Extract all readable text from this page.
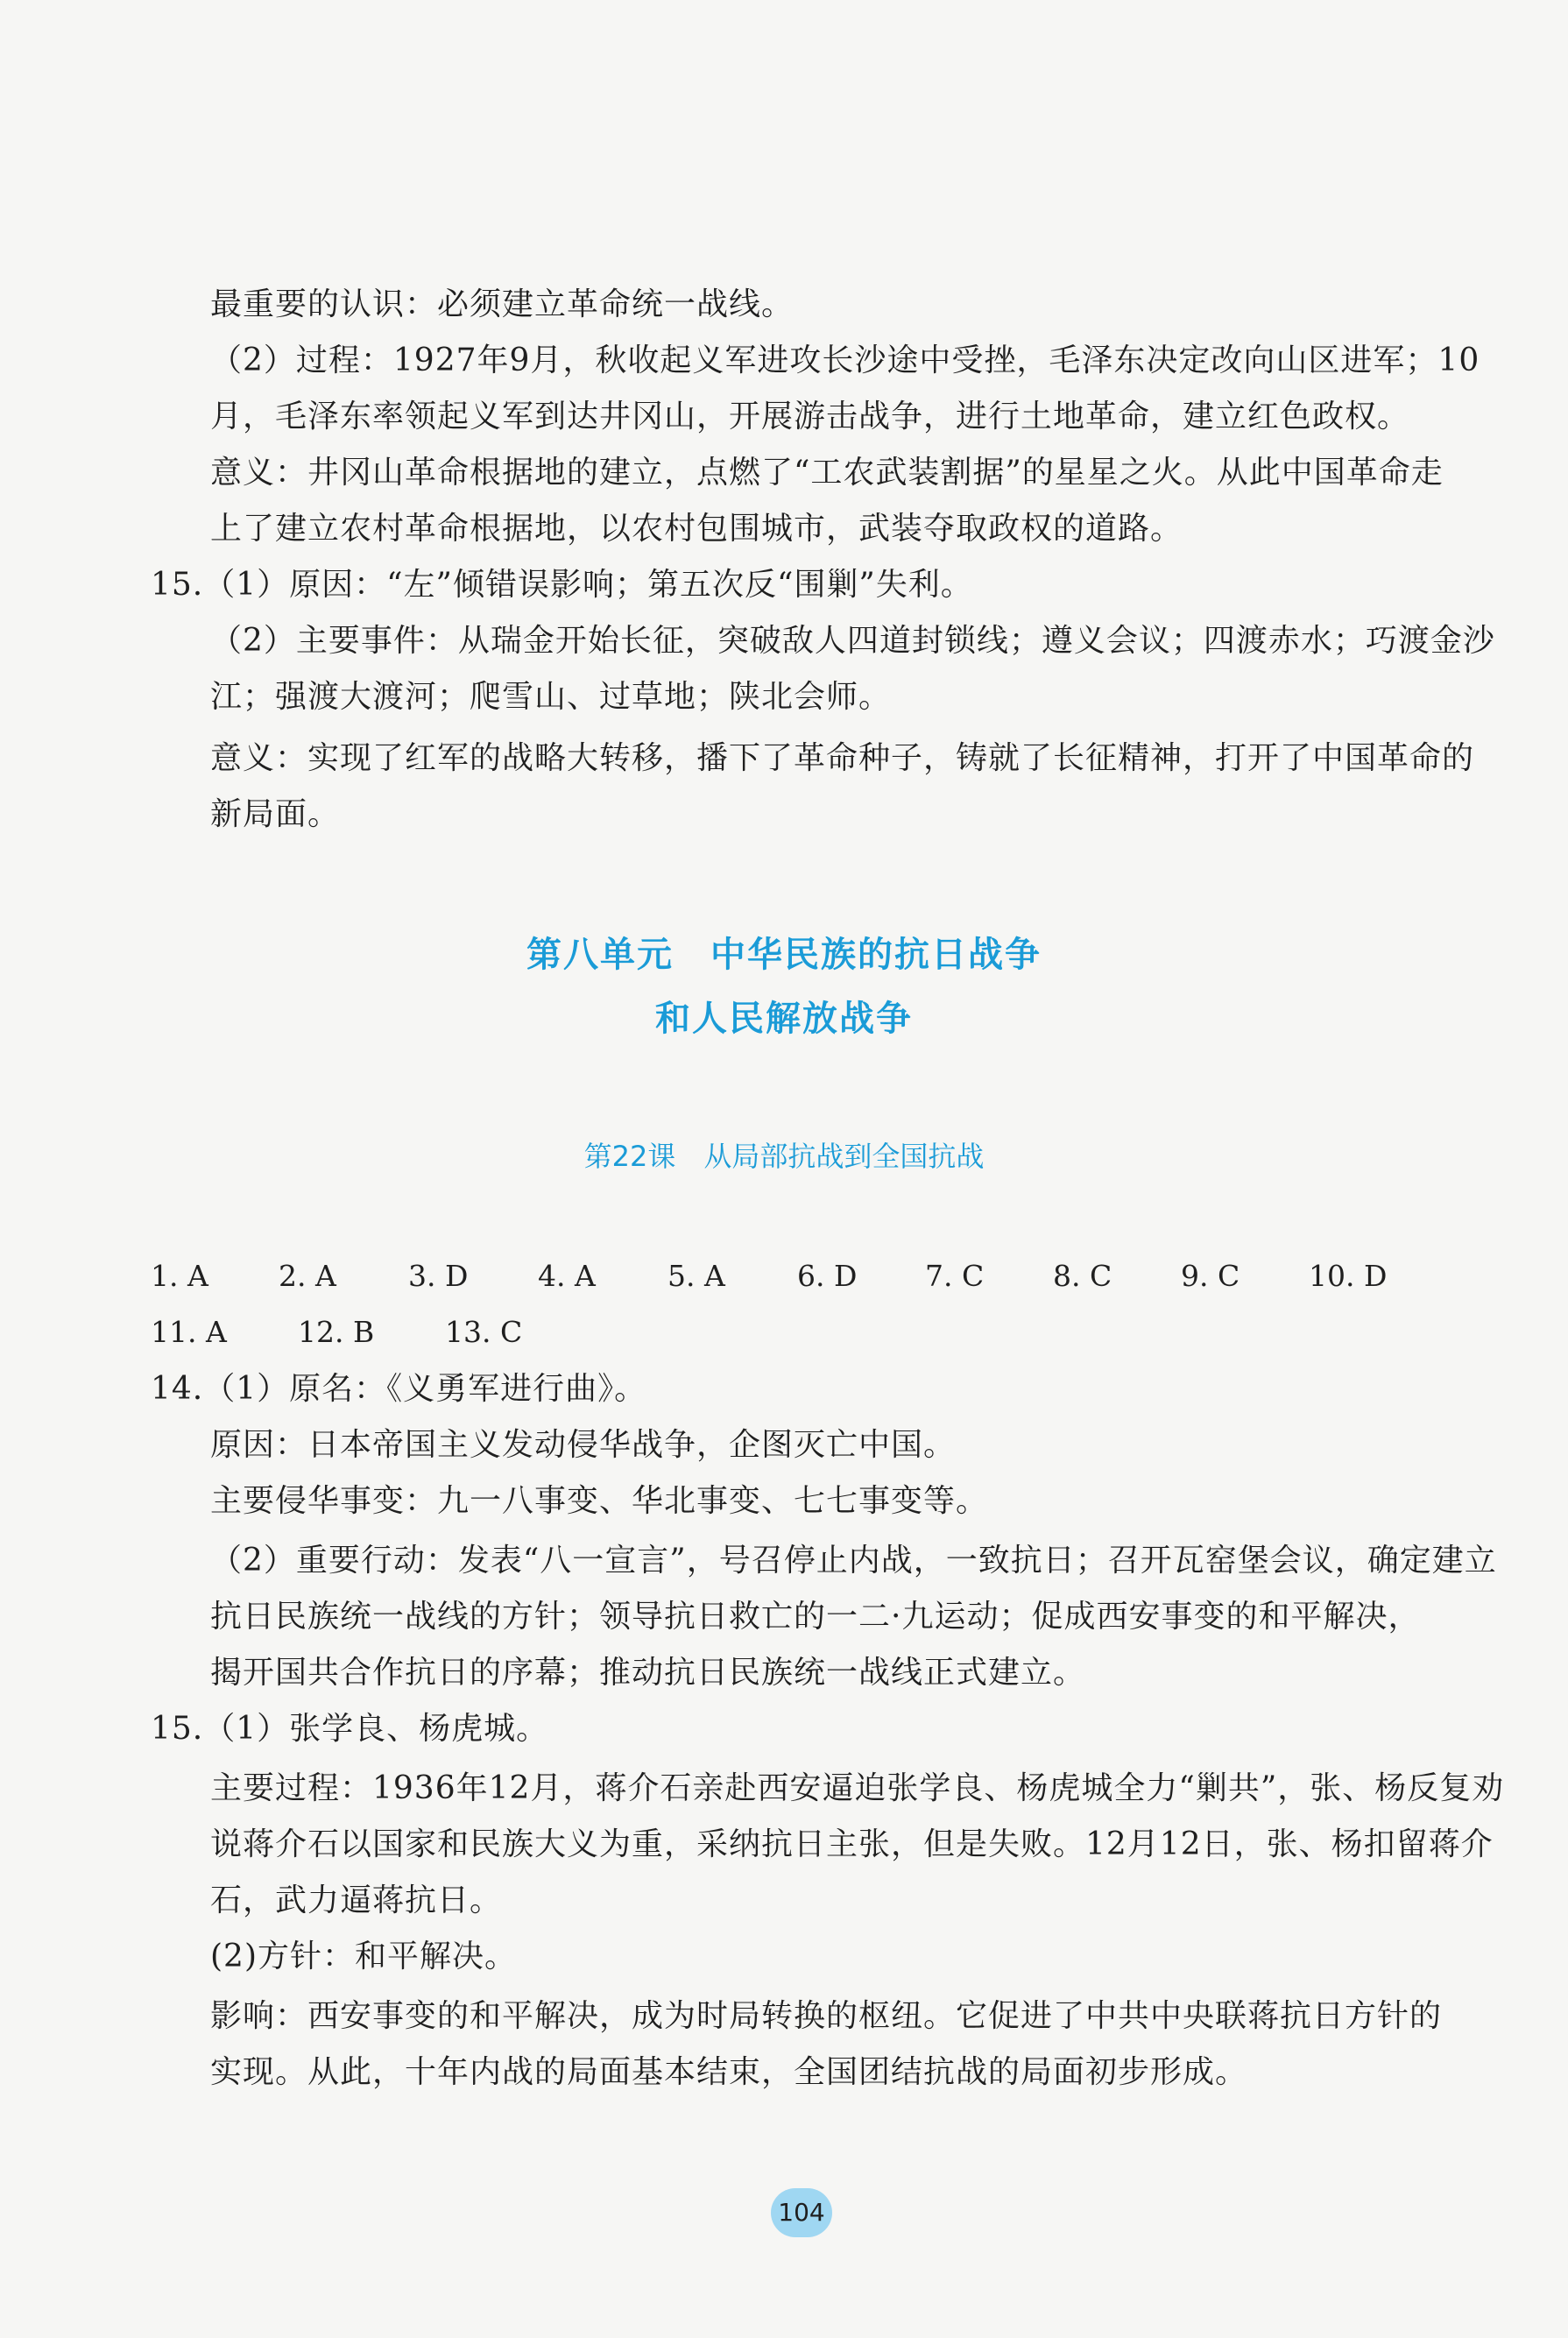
最重要的认识：必须建立革命统一战线。
（2）过程：1927年9月，秋收起义军进攻长沙途中受挫，毛泽东决定改向山区进军；10
月，毛泽东率领起义军到达井冈山，开展游击战争，进行土地革命，建立红色政权。
意义：井冈山革命根据地的建立，点燃了“工农武装割据”的星星之火。从此中国革命走
上了建立农村革命根据地，以农村包围城市，武装夺取政权的道路。
15.（1）原因：“左”倾错误影响；第五次反“围剿”失利。
（2）主要事件：从瑞金开始长征，突破敌人四道封锁线；遵义会议；四渡赤水；巧渡金沙
江；强渡大渡河；爬雪山、过草地；陕北会师。
意义：实现了红军的战略大转移，播下了革命种子，铸就了长征精神，打开了中国革命的
新局面。
第八单元　中华民族的抗日战争
和人民解放战争
第22课　从局部抗战到全国抗战
1. A 2. A 3. D 4. A 5. A 6. D 7. C 8. C 9. C 10. D
11. A 12. B 13. C
14.（1）原名：《义勇军进行曲》。
原因：日本帝国主义发动侵华战争，企图灭亡中国。
主要侵华事变：九一八事变、华北事变、七七事变等。
（2）重要行动：发表“八一宣言”，号召停止内战，一致抗日；召开瓦窑堡会议，确定建立
抗日民族统一战线的方针；领导抗日救亡的一二·九运动；促成西安事变的和平解决，
揭开国共合作抗日的序幕；推动抗日民族统一战线正式建立。
15.（1）张学良、杨虎城。
主要过程：1936年12月，蒋介石亲赴西安逼迫张学良、杨虎城全力“剿共”，张、杨反复劝
说蒋介石以国家和民族大义为重，采纳抗日主张，但是失败。12月12日，张、杨扣留蒋介
石，武力逼蒋抗日。
(2)方针：和平解决。
影响：西安事变的和平解决，成为时局转换的枢纽。它促进了中共中央联蒋抗日方针的
实现。从此，十年内战的局面基本结束，全国团结抗战的局面初步形成。
104
